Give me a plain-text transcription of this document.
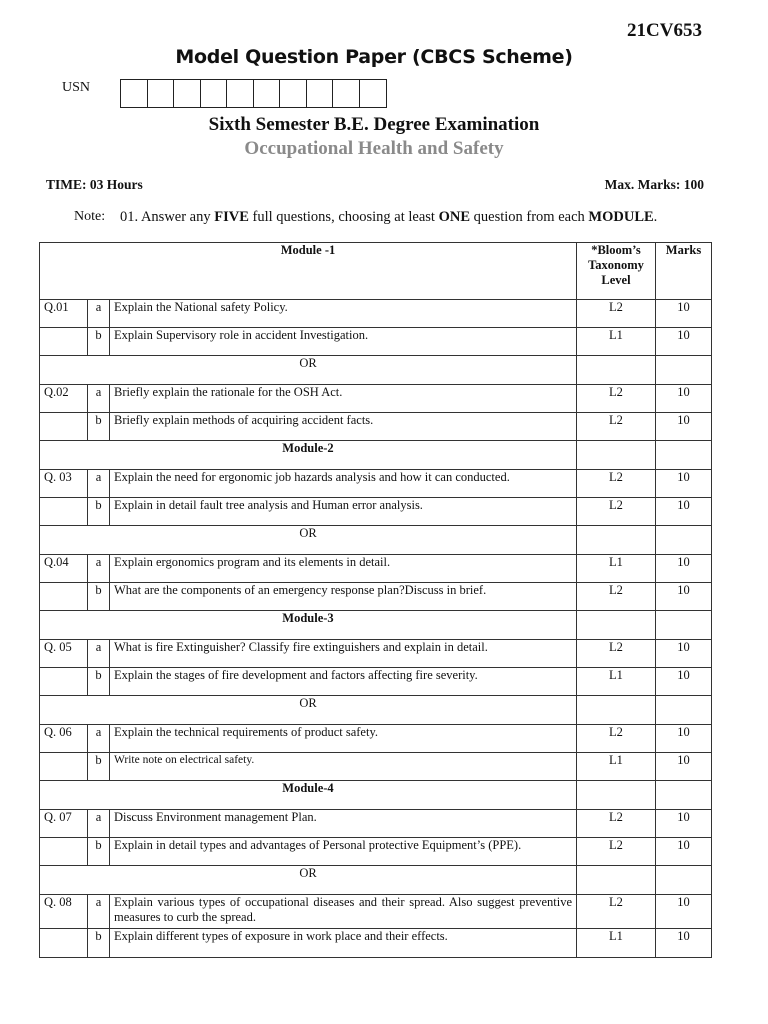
21CV653
Model Question Paper (CBCS Scheme)
USN
Sixth Semester B.E. Degree Examination
Occupational Health and Safety
TIME: 03 Hours	Max. Marks: 100
Note: 01. Answer any FIVE full questions, choosing at least ONE question from each MODULE.
Module -1			*Bloom’s
Taxonomy
Level	Marks
Q.01	a	Explain the National safety Policy.	L2	10
	b	Explain Supervisory role in accident Investigation.	L1	10
OR				
Q.02	a	Briefly explain the rationale for the OSH Act.	L2	10
	b	Briefly explain methods of acquiring accident facts.	L2	10
Module-2				
Q. 03	a	Explain the need for ergonomic job hazards analysis and how it can conducted.	L2	10
	b	Explain in detail fault tree analysis and Human error analysis.	L2	10
OR				
Q.04	a	Explain ergonomics program and its elements in detail.	L1	10
	b	What are the components of an emergency response plan?Discuss in brief.	L2	10
Module-3				
Q. 05	a	What is fire Extinguisher? Classify fire extinguishers and explain in detail.	L2	10
	b	Explain the stages of fire development and factors affecting fire severity.	L1	10
OR				
Q. 06	a	Explain the technical requirements of product safety.	L2	10
	b	Write note on electrical safety.	L1	10
Module-4				
Q. 07	a	Discuss Environment management Plan.	L2	10
	b	Explain in detail types and advantages of Personal protective Equipment’s (PPE).	L2	10
OR				
Q. 08	a	Explain various types of occupational diseases and their spread. Also suggest preventive measures to curb the spread.	L2	10
	b	Explain different types of exposure in work place and their effects.	L1	10
